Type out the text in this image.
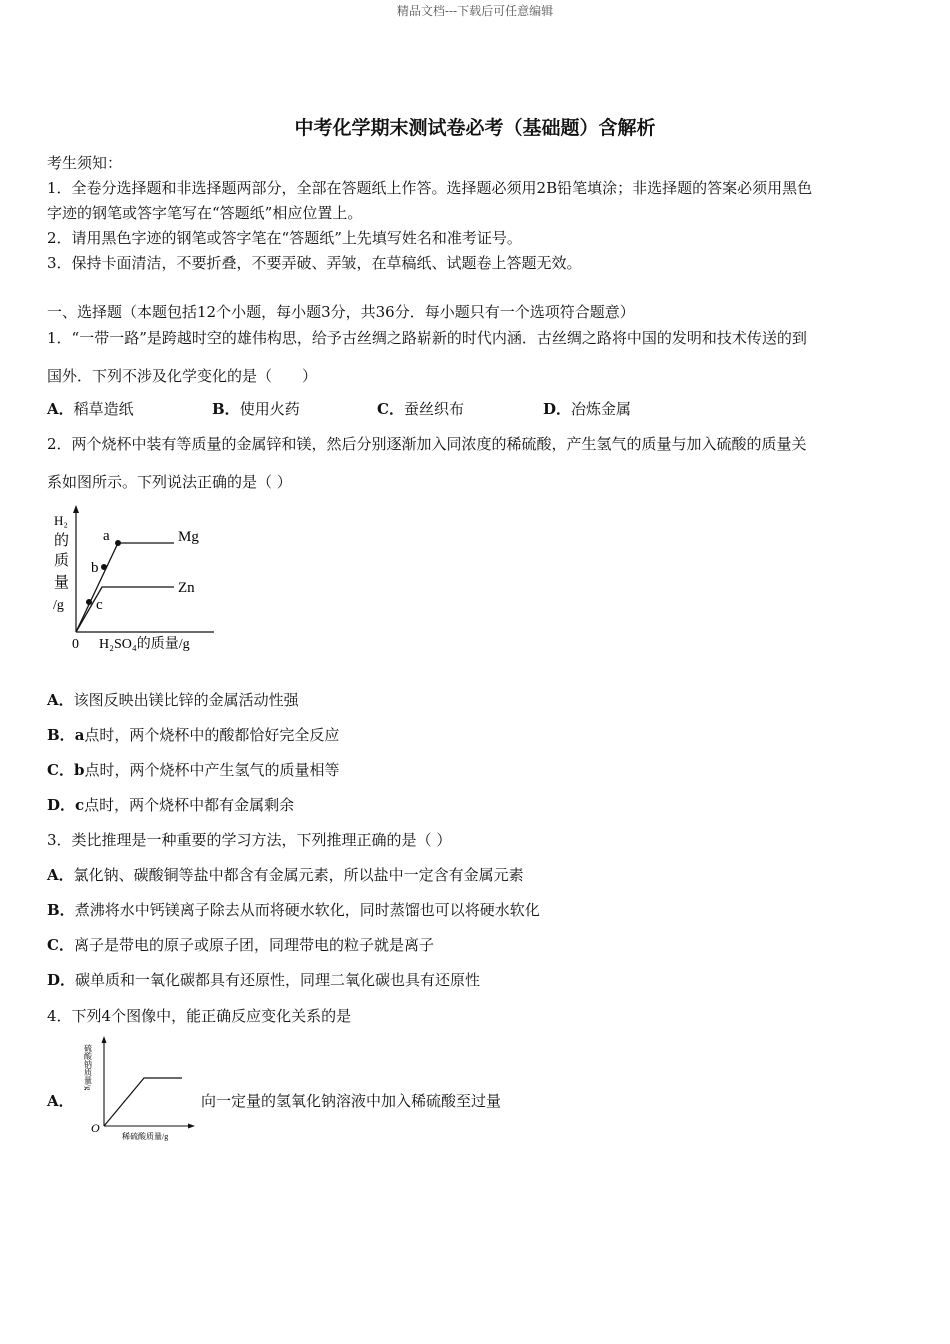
精品文档---下载后可任意编辑
中考化学期末测试卷必考（基础题）含解析
考生须知：
1．全卷分选择题和非选择题两部分，全部在答题纸上作答。选择题必须用2B铅笔填涂；非选择题的答案必须用黑色
字迹的钢笔或答字笔写在“答题纸”相应位置上。
2．请用黑色字迹的钢笔或答字笔在“答题纸”上先填写姓名和准考证号。
3．保持卡面清洁，不要折叠，不要弄破、弄皱，在草稿纸、试题卷上答题无效。
一、选择题（本题包括12个小题，每小题3分，共36分．每小题只有一个选项符合题意）
1．“一带一路”是跨越时空的雄伟构思，给予古丝绸之路崭新的时代内涵．古丝绸之路将中国的发明和技术传送的到
国外．下列不涉及化学变化的是（　　）
A．稻草造纸	B．使用火药	C．蚕丝织布	D．冶炼金属
2．两个烧杯中装有等质量的金属锌和镁，然后分别逐渐加入同浓度的稀硫酸，产生氢气的质量与加入硫酸的质量关
系如图所示。下列说法正确的是（ ）
H₂
的
质
量
/g
0 H₂SO₄的质量/g
Mg
Zn
a
b
c
A．该图反映出镁比锌的金属活动性强
B．a点时，两个烧杯中的酸都恰好完全反应
C．b点时，两个烧杯中产生氢气的质量相等
D．c点时，两个烧杯中都有金属剩余
3．类比推理是一种重要的学习方法，下列推理正确的是（ ）
A．氯化钠、碳酸铜等盐中都含有金属元素，所以盐中一定含有金属元素
B．煮沸将水中钙镁离子除去从而将硬水软化，同时蒸馏也可以将硬水软化
C．离子是带电的原子或原子团，同理带电的粒子就是离子
D．碳单质和一氧化碳都具有还原性，同理二氧化碳也具有还原性
4．下列4个图像中，能正确反应变化关系的是
A．
硫酸钠质量/g
O
稀硫酸质量/g
向一定量的氢氧化钠溶液中加入稀硫酸至过量
